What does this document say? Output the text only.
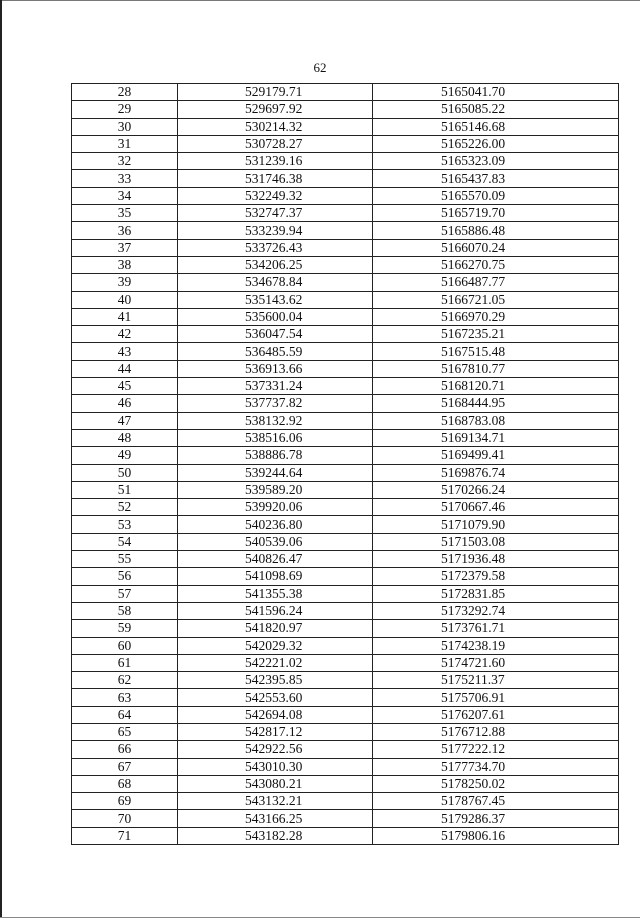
62
28	529179.71	5165041.70
29	529697.92	5165085.22
30	530214.32	5165146.68
31	530728.27	5165226.00
32	531239.16	5165323.09
33	531746.38	5165437.83
34	532249.32	5165570.09
35	532747.37	5165719.70
36	533239.94	5165886.48
37	533726.43	5166070.24
38	534206.25	5166270.75
39	534678.84	5166487.77
40	535143.62	5166721.05
41	535600.04	5166970.29
42	536047.54	5167235.21
43	536485.59	5167515.48
44	536913.66	5167810.77
45	537331.24	5168120.71
46	537737.82	5168444.95
47	538132.92	5168783.08
48	538516.06	5169134.71
49	538886.78	5169499.41
50	539244.64	5169876.74
51	539589.20	5170266.24
52	539920.06	5170667.46
53	540236.80	5171079.90
54	540539.06	5171503.08
55	540826.47	5171936.48
56	541098.69	5172379.58
57	541355.38	5172831.85
58	541596.24	5173292.74
59	541820.97	5173761.71
60	542029.32	5174238.19
61	542221.02	5174721.60
62	542395.85	5175211.37
63	542553.60	5175706.91
64	542694.08	5176207.61
65	542817.12	5176712.88
66	542922.56	5177222.12
67	543010.30	5177734.70
68	543080.21	5178250.02
69	543132.21	5178767.45
70	543166.25	5179286.37
71	543182.28	5179806.16
